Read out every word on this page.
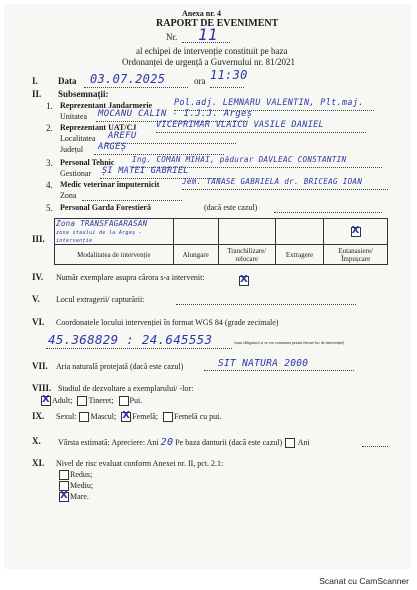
Anexa nr. 4
RAPORT DE EVENIMENT
Nr. 11
al echipei de intervenție constituit pe baza
Ordonanței de urgență a Guvernului nr. 81/2021
I. Data 03.07.2025	ora 11:30
II. Subsemnații:
1. Reprezentant Jandarmerie	Pol.adj. LEMNARU VALENTIN, Plt.maj.
Unitatea MOCANU CALIN - I.J.J. Argeș
2. Reprezentant UAT/CJ VICEPRIMAR VLAICU VASILE DANIEL
Localitatea AREFU
Județul ARGEȘ
3. Personal Tehnic Ing. COMAN MIHAI, pădurar DAVLEAC CONSTANTIN
Gestionar ȘI MATEI GABRIEL
4. Medic veterinar împuternicit	Jem. TANASE GABRIELA dr. BRICEAG IOAN
Zona
5. Personal Garda Forestieră	(dacă este cazul)
III.
Zona TRANSFAGARASAN
zona staului de la Argeș -intervenție				X
Modalitatea de intervenție	Alungare	Tranchilizare/ relocare	Extragere	Eutanasiere/ Împușcare
IV. Număr exemplare asupra cărora s-a intervenit:
X
V. Locul extragerii/ capturării:
VI. Coordonatele locului intervenției în format WGS 84 (grade zecimale)
45.368829 : 24.645553	(sunt obligatorii și se vor consemna pentru fiecare loc de intervenție)
VII. Aria naturală protejată (dacă este cazul)	SIT NATURA 2000
VIII. Stadiul de dezvoltare a exemplarului/ -lor:
XAdult; Tineret; Pui.
IX. Sexul: Mascul; X Femelă; Femelă cu pui.
X. Vârsta estimată: Apreciere: Ani 20 Pe baza danturii (dacă este cazul) Ani
XI. Nivel de risc evaluat conform Anexei nr. II, pct. 2.1:
Redus;
Mediu;
XMare.
Scanat cu CamScanner
